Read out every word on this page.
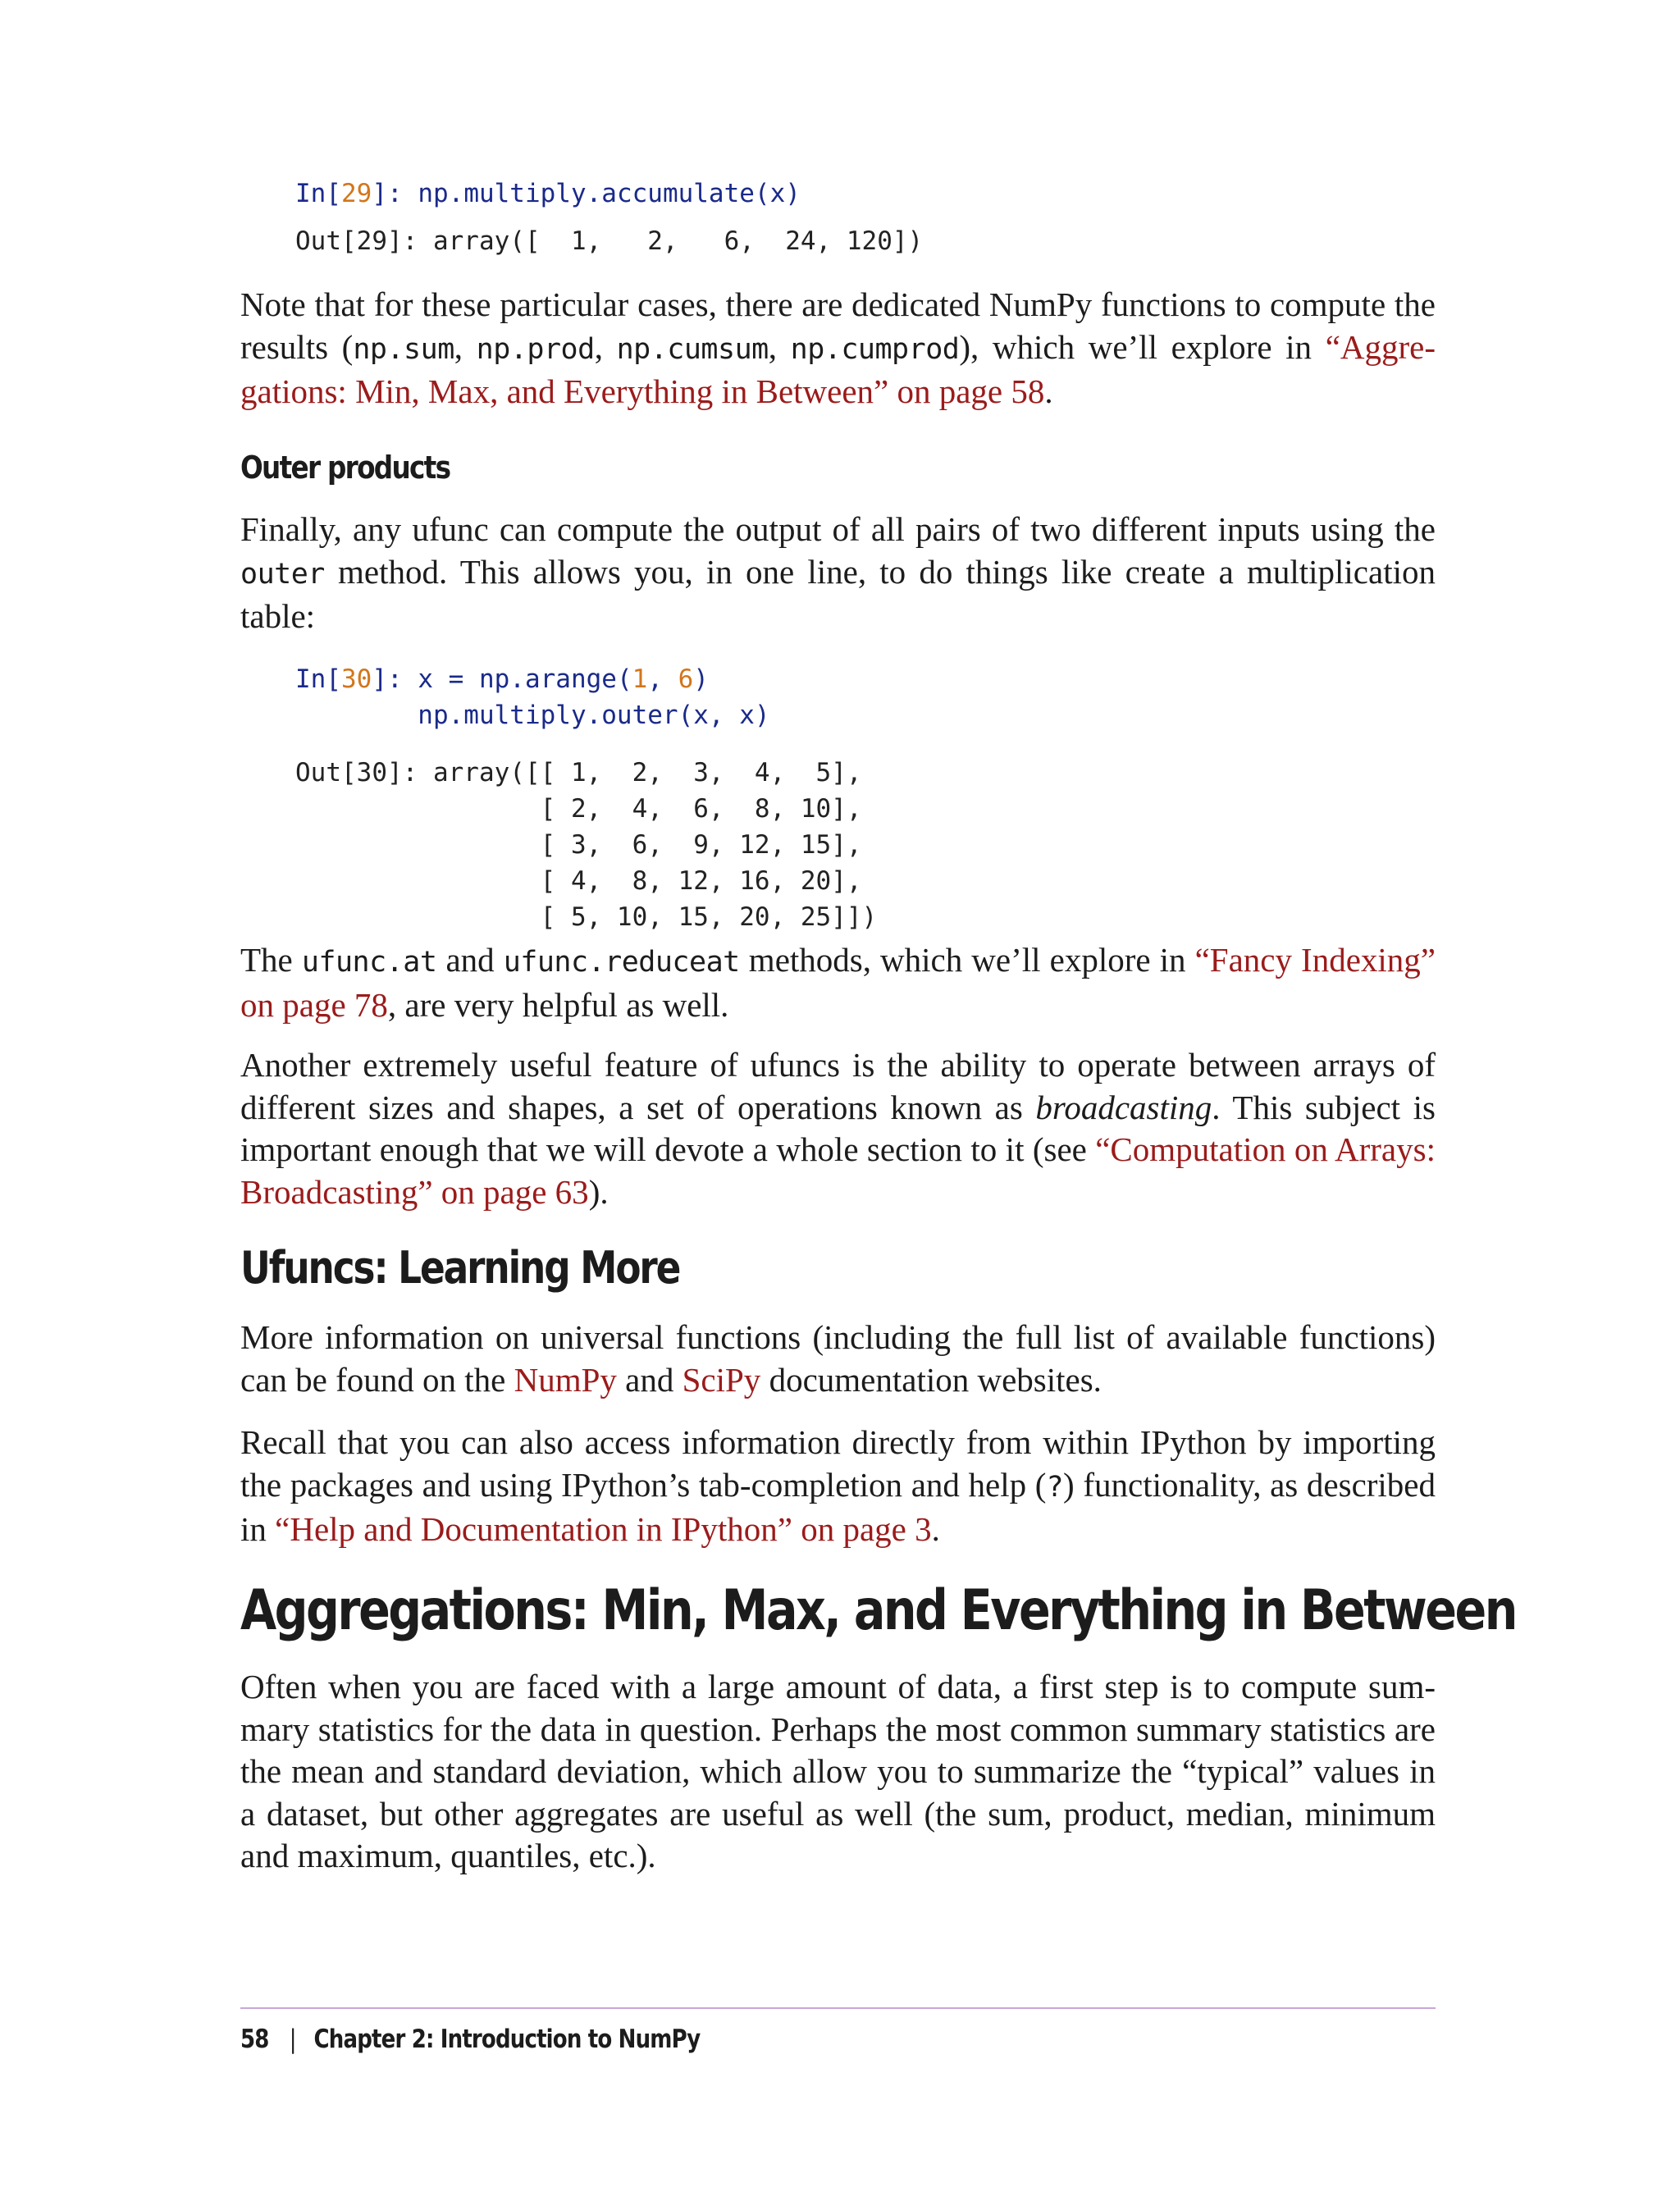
In[29]: np.multiply.accumulate(x)
Out[29]: array([  1,   2,   6,  24, 120])

Note that for these particular cases, there are dedicated NumPy functions to compute the results (np.sum, np.prod, np.cumsum, np.cumprod), which we’ll explore in “Aggregations: Min, Max, and Everything in Between” on page 58.

Outer products

Finally, any ufunc can compute the output of all pairs of two different inputs using the outer method. This allows you, in one line, to do things like create a multiplication table:

In[30]: x = np.arange(1, 6)
np.multiply.outer(x, x)
Out[30]: array([[ 1,  2,  3,  4,  5],
[ 2,  4,  6,  8, 10],
[ 3,  6,  9, 12, 15],
[ 4,  8, 12, 16, 20],
[ 5, 10, 15, 20, 25]])

The ufunc.at and ufunc.reduceat methods, which we’ll explore in “Fancy Indexing” on page 78, are very helpful as well.

Another extremely useful feature of ufuncs is the ability to operate between arrays of different sizes and shapes, a set of operations known as broadcasting. This subject is important enough that we will devote a whole section to it (see “Computation on Arrays: Broadcasting” on page 63).

Ufuncs: Learning More

More information on universal functions (including the full list of available functions) can be found on the NumPy and SciPy documentation websites.

Recall that you can also access information directly from within IPython by importing the packages and using IPython’s tab-completion and help (?) functionality, as described in “Help and Documentation in IPython” on page 3.

Aggregations: Min, Max, and Everything in Between

Often when you are faced with a large amount of data, a first step is to compute summary statistics for the data in question. Perhaps the most common summary statistics are the mean and standard deviation, which allow you to summarize the “typical” values in a dataset, but other aggregates are useful as well (the sum, product, median, minimum and maximum, quantiles, etc.).

58 | Chapter 2: Introduction to NumPy
